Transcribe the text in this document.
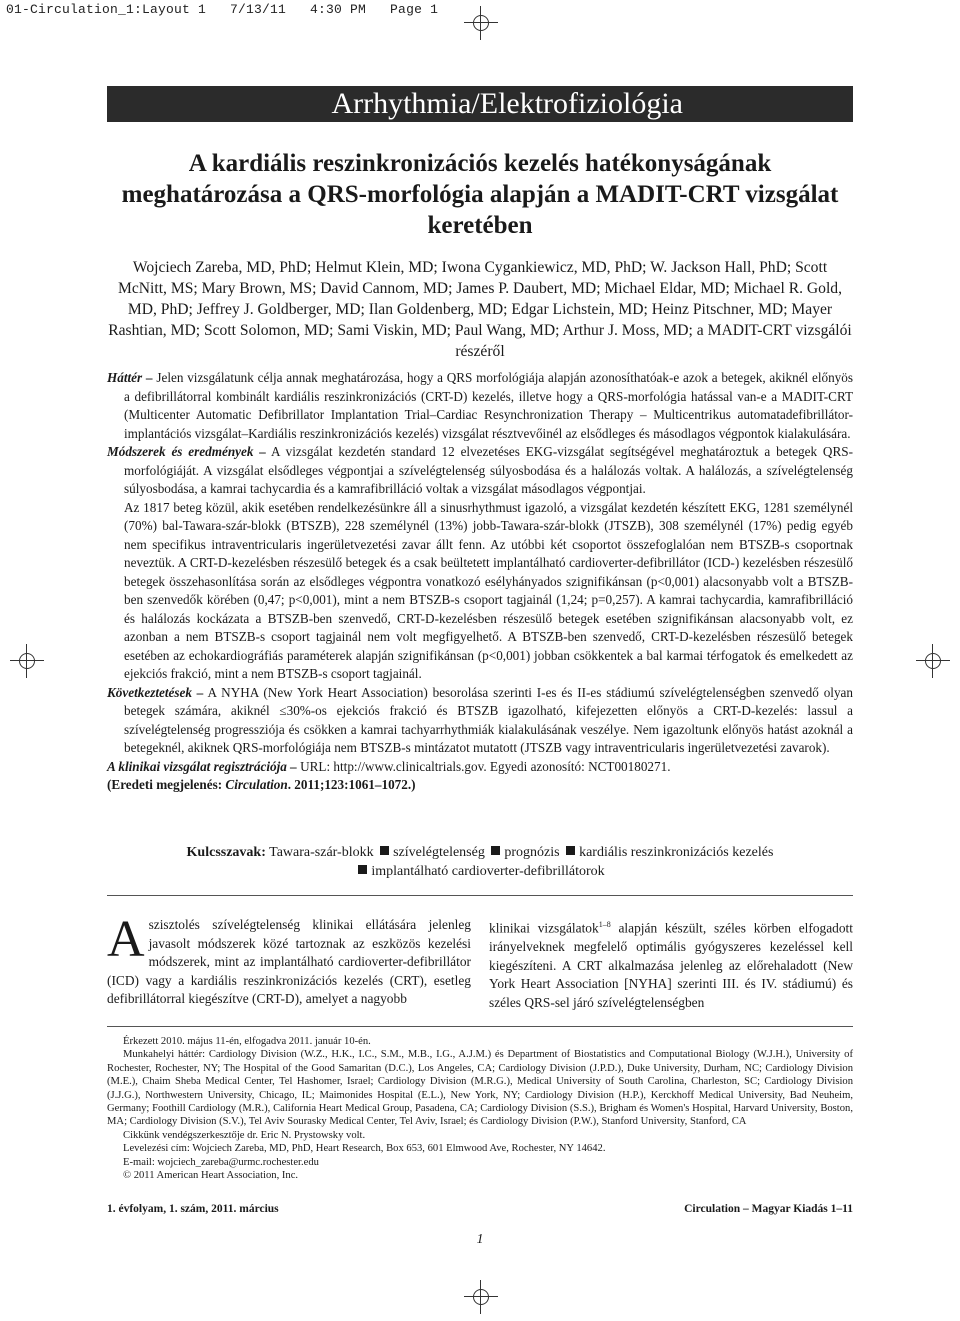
01-Circulation_1:Layout 1   7/13/11   4:30 PM   Page 1
Arrhythmia/Elektrofiziológia
A kardiális reszinkronizációs kezelés hatékonyságának meghatározása a QRS-morfológia alapján a MADIT-CRT vizsgálat keretében
Wojciech Zareba, MD, PhD; Helmut Klein, MD; Iwona Cygankiewicz, MD, PhD; W. Jackson Hall, PhD; Scott McNitt, MS; Mary Brown, MS; David Cannom, MD; James P. Daubert, MD; Michael Eldar, MD; Michael R. Gold, MD, PhD; Jeffrey J. Goldberger, MD; Ilan Goldenberg, MD; Edgar Lichstein, MD; Heinz Pitschner, MD; Mayer Rashtian, MD; Scott Solomon, MD; Sami Viskin, MD; Paul Wang, MD; Arthur J. Moss, MD; a MADIT-CRT vizsgálói részéről

Háttér – Jelen vizsgálatunk célja annak meghatározása, hogy a QRS morfológiája alapján azonosíthatóak-e azok a betegek, akiknél előnyös a defibrillátorral kombinált kardiális reszinkronizációs (CRT-D) kezelés, illetve hogy a QRS-morfológia hatással van-e a MADIT-CRT (Multicenter Automatic Defibrillator Implantation Trial–Cardiac Resynchronization Therapy – Multicentrikus automatadefibrillátor-implantációs vizsgálat–Kardiális reszinkronizációs kezelés) vizsgálat résztvevőinél az elsődleges és másodlagos végpontok kialakulására.

Módszerek és eredmények – A vizsgálat kezdetén standard 12 elvezetéses EKG-vizsgálat segítségével meghatároztuk a betegek QRS-morfológiáját. A vizsgálat elsődleges végpontjai a szívelégtelenség súlyosbodása és a halálozás voltak. A halálozás, a szívelégtelenség súlyosbodása, a kamrai tachycardia és a kamrafibrilláció voltak a vizsgálat másodlagos végpontjai.

Az 1817 beteg közül, akik esetében rendelkezésünkre áll a sinusrhythmust igazoló, a vizsgálat kezdetén készített EKG, 1281 személynél (70%) bal-Tawara-szár-blokk (BTSZB), 228 személynél (13%) jobb-Tawara-szár-blokk (JTSZB), 308 személynél (17%) pedig egyéb nem specifikus intraventricularis ingerületvezetési zavar állt fenn. Az utóbbi két csoportot összefoglalóan nem BTSZB-s csoportnak neveztük. A CRT-D-kezelésben részesülő betegek és a csak beültetett implantálható cardioverter-defibrillátor (ICD-) kezelésben részesülő betegek összehasonlítása során az elsődleges végpontra vonatkozó esélyhányados szignifikánsan (p<0,001) alacsonyabb volt a BTSZB-ben szenvedők körében (0,47; p<0,001), mint a nem BTSZB-s csoport tagjainál (1,24; p=0,257). A kamrai tachycardia, kamrafibrilláció és halálozás kockázata a BTSZB-ben szenvedő, CRT-D-kezelésben részesülő betegek esetében szignifikánsan alacsonyabb volt, ez azonban a nem BTSZB-s csoport tagjainál nem volt megfigyelhető. A BTSZB-ben szenvedő, CRT-D-kezelésben részesülő betegek esetében az echokardiográfiás paraméterek alapján szignifikánsan (p<0,001) jobban csökkentek a bal karmai térfogatok és emelkedett az ejekciós frakció, mint a nem BTSZB-s csoport tagjainál.

Következtetések – A NYHA (New York Heart Association) besorolása szerinti I-es és II-es stádiumú szívelégtelenségben szenvedő olyan betegek számára, akiknél ≤30%-os ejekciós frakció és BTSZB igazolható, kifejezetten előnyös a CRT-D-kezelés: lassul a szívelégtelenség progressziója és csökken a kamrai tachyarrhythmiák kialakulásának veszélye. Nem igazoltunk előnyös hatást azoknál a betegeknél, akiknek QRS-morfológiája nem BTSZB-s mintázatot mutatott (JTSZB vagy intraventricularis ingerületvezetési zavarok).

A klinikai vizsgálat regisztrációja – URL: http://www.clinicaltrials.gov. Egyedi azonosító: NCT00180271.

(Eredeti megjelenés: Circulation. 2011;123:1061–1072.)

Kulcsszavak: Tawara-szár-blokk szívelégtelenség prognózis kardiális reszinkronizációs kezelés
implantálható cardioverter-defibrillátorok
Aszisztolés szívelégtelenség klinikai ellátására jelenleg javasolt módszerek közé tartoznak az eszközös kezelési módszerek, mint az implantálható cardioverter-defibrillátor (ICD) vagy a kardiális reszinkronizációs kezelés (CRT), esetleg defibrillátorral kiegészítve (CRT-D), amelyet a nagyobb
klinikai vizsgálatok$^{1-8}$ alapján készült, széles körben elfogadott irányelveknek megfelelő optimális gyógyszeres kezeléssel kell kiegészíteni. A CRT alkalmazása jelenleg az előrehaladott (New York Heart Association [NYHA] szerinti III. és IV. stádiumú) és széles QRS-sel járó szívelégtelenségben

Érkezett 2010. május 11-én, elfogadva 2011. január 10-én.

Munkahelyi háttér: Cardiology Division (W.Z., H.K., I.C., S.M., M.B., I.G., A.J.M.) és Department of Biostatistics and Computational Biology (W.J.H.), University of Rochester, Rochester, NY; The Hospital of the Good Samaritan (D.C.), Los Angeles, CA; Cardiology Division (J.P.D.), Duke University, Durham, NC; Cardiology Division (M.E.), Chaim Sheba Medical Center, Tel Hashomer, Israel; Cardiology Division (M.R.G.), Medical University of South Carolina, Charleston, SC; Cardiology Division (J.J.G.), Northwestern University, Chicago, IL; Maimonides Hospital (E.L.), New York, NY; Cardiology Division (H.P.), Kerckhoff Medical University, Bad Neuheim, Germany; Foothill Cardiology (M.R.), California Heart Medical Group, Pasadena, CA; Cardiology Division (S.S.), Brigham és Women's Hospital, Harvard University, Boston, MA; Cardiology Division (S.V.), Tel Aviv Sourasky Medical Center, Tel Aviv, Israel; és Cardiology Division (P.W.), Stanford University, Stanford, CA

Cikkünk vendégszerkesztője dr. Eric N. Prystowsky volt.

Levelezési cím: Wojciech Zareba, MD, PhD, Heart Research, Box 653, 601 Elmwood Ave, Rochester, NY 14642.

E-mail: wojciech_zareba@urmc.rochester.edu

© 2011 American Heart Association, Inc.

1. évfolyam, 1. szám, 2011. március	Circulation – Magyar Kiadás 1–11
1
